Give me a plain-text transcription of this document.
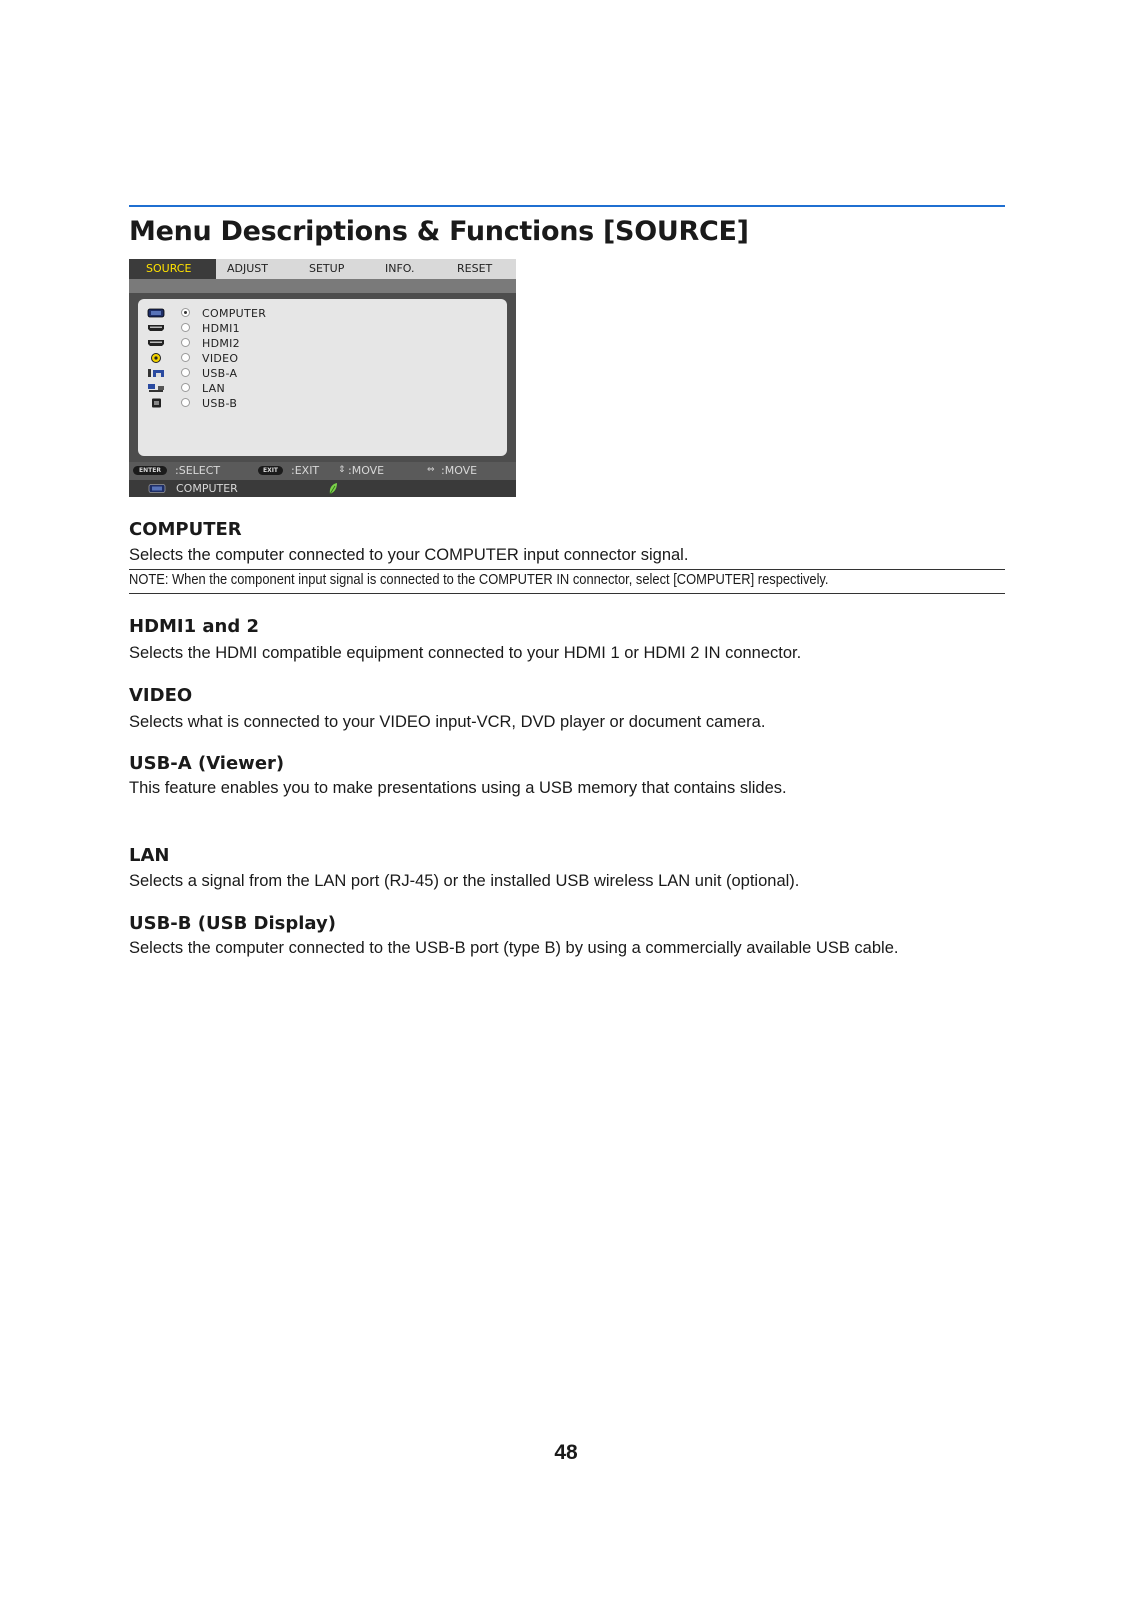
Menu Descriptions & Functions [SOURCE]
SOURCE	ADJUST	SETUP	INFO.	RESET
COMPUTER
HDMI1
HDMI2
VIDEO
USB-A
LAN
USB-B
ENTER	:SELECT	EXIT	:EXIT ⇕ :MOVE	⇔ :MOVE
COMPUTER
COMPUTER

Selects the computer connected to your COMPUTER input connector signal.

NOTE: When the component input signal is connected to the COMPUTER IN connector, select [COMPUTER] respectively.

HDMI1 and 2

Selects the HDMI compatible equipment connected to your HDMI 1 or HDMI 2 IN connector.

VIDEO

Selects what is connected to your VIDEO input-VCR, DVD player or document camera.

USB-A (Viewer)

This feature enables you to make presentations using a USB memory that contains slides.

LAN

Selects a signal from the LAN port (RJ-45) or the installed USB wireless LAN unit (optional).

USB-B (USB Display)

Selects the computer connected to the USB-B port (type B) by using a commercially available USB cable.

48
